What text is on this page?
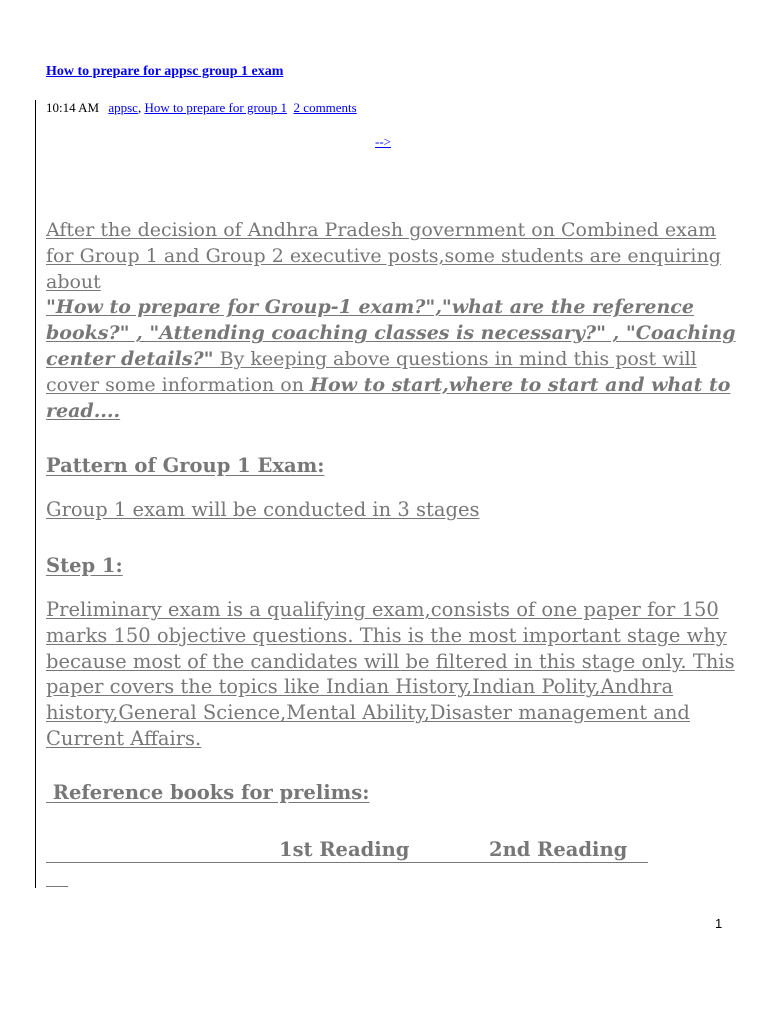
How to prepare for appsc group 1 exam
10:14 AM appsc, How to prepare for group 1 2 comments
-->
After the decision of Andhra Pradesh government on Combined exam for Group 1 and Group 2 executive posts,some students are enquiring about
"How to prepare for Group-1 exam?","what are the reference books?" , "Attending coaching classes is necessary?" , "Coaching center details?" By keeping above questions in mind this post will cover some information on How to start,where to start and what to read....
Pattern of Group 1 Exam:
Group 1 exam will be conducted in 3 stages
Step 1:
Preliminary exam is a qualifying exam,consists of one paper for 150 marks 150 objective questions. This is the most important stage why because most of the candidates will be filtered in this stage only. This paper covers the topics like Indian History,Indian Polity,Andhra history,General Science,Mental Ability,Disaster management and Current Affairs.
Reference books for prelims:
1st Reading	2nd Reading
1
